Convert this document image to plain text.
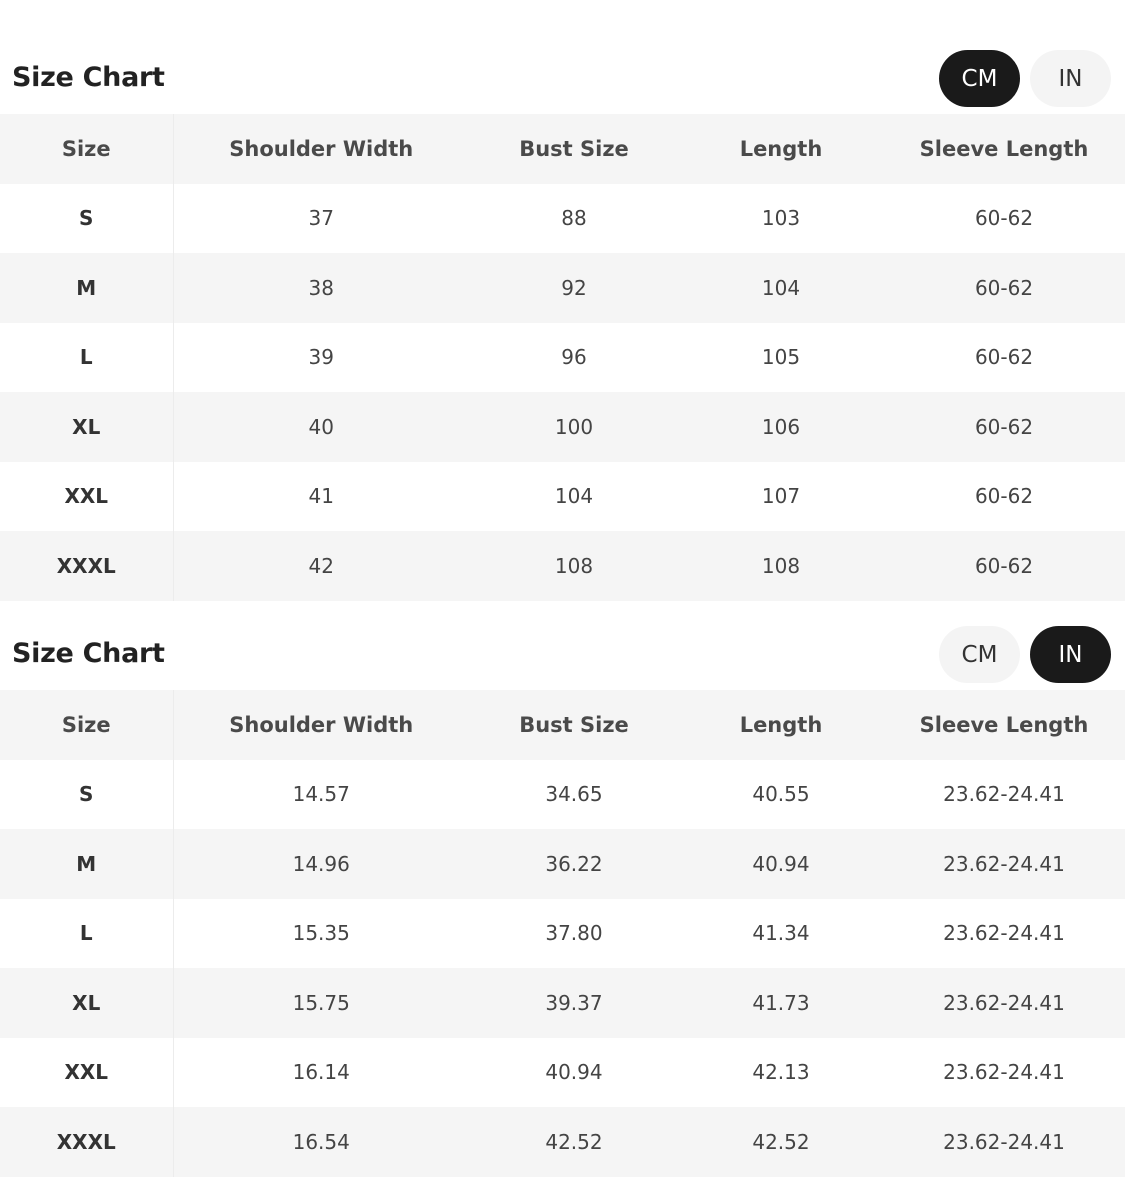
Size Chart	CM	IN
Size	Shoulder Width	Bust Size	Length	Sleeve Length
S	37	88	103	60-62
M	38	92	104	60-62
L	39	96	105	60-62
XL	40	100	106	60-62
XXL	41	104	107	60-62
XXXL	42	108	108	60-62
Size Chart	CM	IN
Size	Shoulder Width	Bust Size	Length	Sleeve Length
S	14.57	34.65	40.55	23.62-24.41
M	14.96	36.22	40.94	23.62-24.41
L	15.35	37.80	41.34	23.62-24.41
XL	15.75	39.37	41.73	23.62-24.41
XXL	16.14	40.94	42.13	23.62-24.41
XXXL	16.54	42.52	42.52	23.62-24.41
